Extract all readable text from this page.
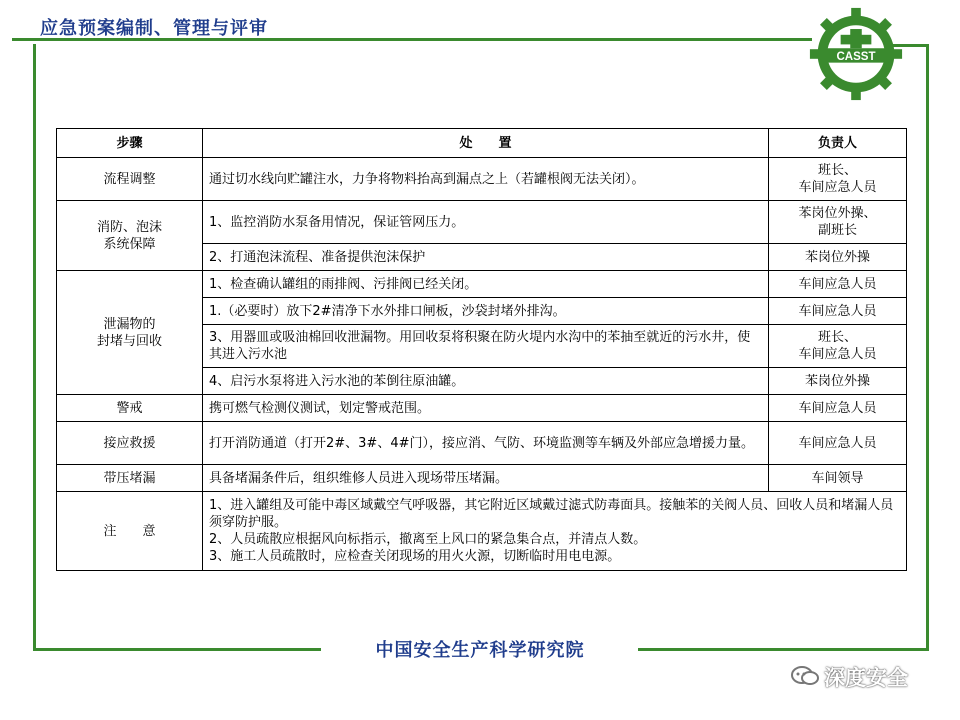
应急预案编制、管理与评审
CASST
步骤	处　　置	负责人
流程调整	通过切水线向贮罐注水，力争将物料抬高到漏点之上（若罐根阀无法关闭）。	班长、
车间应急人员
消防、泡沫
系统保障	1、监控消防水泵备用情况，保证管网压力。	苯岗位外操、
副班长
	2、打通泡沫流程、准备提供泡沫保护	苯岗位外操
泄漏物的
封堵与回收	1、检查确认罐组的雨排阀、污排阀已经关闭。	车间应急人员
	1.（必要时）放下2#清净下水外排口闸板，沙袋封堵外排沟。	车间应急人员
	3、用器皿或吸油棉回收泄漏物。用回收泵将积聚在防火堤内水沟中的苯抽至就近的污水井，使其进入污水池	班长、
车间应急人员
	4、启污水泵将进入污水池的苯倒往原油罐。	苯岗位外操
警戒	携可燃气检测仪测试，划定警戒范围。	车间应急人员
接应救援	打开消防通道（打开2#、3#、4#门），接应消、气防、环境监测等车辆及外部应急增援力量。	车间应急人员
带压堵漏	具备堵漏条件后，组织维修人员进入现场带压堵漏。	车间领导
注　　意	1、进入罐组及可能中毒区域戴空气呼吸器，其它附近区域戴过滤式防毒面具。接触苯的关阀人员、回收人员和堵漏人员须穿防护服。
2、人员疏散应根据风向标指示，撤离至上风口的紧急集合点，并清点人数。
3、施工人员疏散时，应检查关闭现场的用火火源，切断临时用电电源。	
中国安全生产科学研究院
深度安全
